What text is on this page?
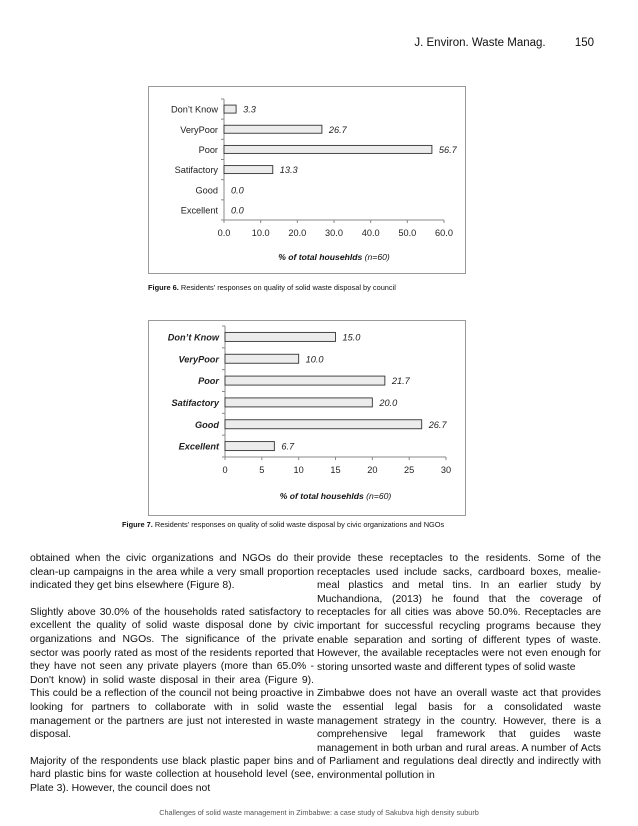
J. Environ. Waste Manag.	150
Don’t Know	3.3
VeryPoor	26.7
Poor	56.7
Satifactory	13.3
Good 0.0
Excellent 0.0
0.0 10.0 20.0 30.0 40.0 50.0 60.0
% of total househlds (n=60)
Figure 6. Residents' responses on quality of solid waste disposal by council
Don’t Know	15.0
VeryPoor	10.0
Poor	21.7
Satifactory	20.0
Good	26.7
Excellent	6.7
0	5	10	15	20	25	30
% of total househlds (n=60)
Figure 7. Residents' responses on quality of solid waste disposal by civic organizations and NGOs

obtained when the civic organizations and NGOs do their clean-up campaigns in the area while a very small proportion indicated they get bins elsewhere (Figure 8).

Slightly above 30.0% of the households rated satisfactory to excellent the quality of solid waste disposal done by civic organizations and NGOs. The significance of the private sector was poorly rated as most of the residents reported that they have not seen any private players (more than 65.0% - Don't know) in solid waste disposal in their area (Figure 9). This could be a reflection of the council not being proactive in looking for partners to collaborate with in solid waste management or the partners are just not interested in waste disposal.

Majority of the respondents use black plastic paper bins and hard plastic bins for waste collection at household level (see, Plate 3). However, the council does not

provide these receptacles to the residents. Some of the receptacles used include sacks, cardboard boxes, mealie-meal plastics and metal tins. In an earlier study by Muchandiona, (2013) he found that the coverage of receptacles for all cities was above 50.0%. Receptacles are important for successful recycling programs because they enable separation and sorting of different types of waste. However, the available receptacles were not even enough for storing unsorted waste and different types of solid waste

Zimbabwe does not have an overall waste act that provides the essential legal basis for a consolidated waste management strategy in the country. However, there is a comprehensive legal framework that guides waste management in both urban and rural areas. A number of Acts of Parliament and regulations deal directly and indirectly with environmental pollution in

Challenges of solid waste management in Zimbabwe: a case study of Sakubva high density suburb
